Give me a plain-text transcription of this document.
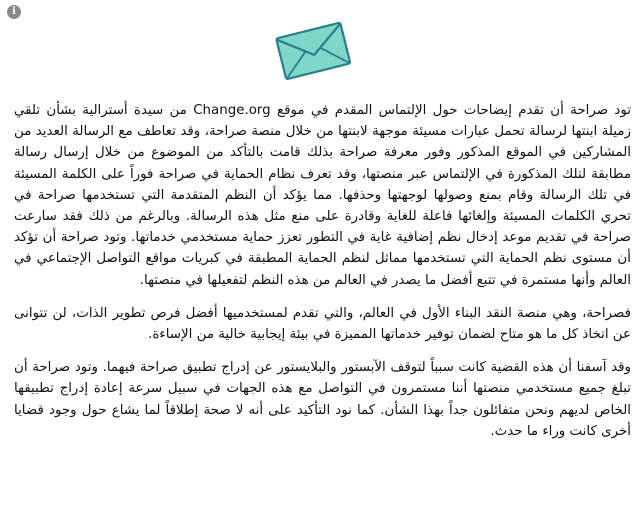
i

تود صراحة أن تقدم إيضاحات حول الإلتماس المقدم في موقع Change.org من سيدة أسترالية بشأن تلقي زميلة ابنتها لرسالة تحمل عبارات مسيئة موجهة لابنتها من خلال منصة صراحة، وقد تعاطف مع الرسالة العديد من المشاركين في الموقع المذكور وفور معرفة صراحة بذلك قامت بالتأكد من الموضوع من خلال إرسال رسالة مطابقة لتلك المذكورة في الإلتماس عبر منصتها، وقد تعرف نظام الحماية في صراحة فوراً على الكلمة المسيئة في تلك الرسالة وقام بمنع وصولها لوجهتها وحذفها. مما يؤكد أن النظم المتقدمة التي تستخدمها صراحة في تحري الكلمات المسيئة وإلغائها فاعلة للغاية وقادرة على منع مثل هذه الرسالة. وبالرغم من ذلك فقد سارعت صراحة في تقديم موعد إدخال نظم إضافية غاية في التطور تعزز حماية مستخدمي خدماتها. وتود صراحة أن تؤكد أن مستوى نظم الحماية التي تستخدمها مماثل لنظم الحماية المطبقة في كبريات مواقع التواصل الإجتماعي في العالم وأنها مستمرة في تتبع أفضل ما يصدر في العالم من هذه النظم لتفعيلها في منصتها.

فصراحة، وهي منصة النقد البناء الأول في العالم، والتي تقدم لمستخدميها أفضل فرص تطوير الذات، لن تتوانى عن اتخاذ كل ما هو متاح لضمان توفير خدماتها المميزة في بيئة إيجابية خالية من الإساءة.

وقد آسفنا أن هذه القضية كانت سبباً لتوقف الآبستور والبلايستور عن إدراج تطبيق صراحة فيهما. وتود صراحة أن تبلغ جميع مستخدمي منصتها أننا مستمرون في التواصل مع هذه الجهات في سبيل سرعة إعادة إدراج تطبيقها الخاص لديهم ونحن متفائلون جداً بهذا الشأن. كما نود التأكيد على أنه لا صحة إطلاقاً لما يشاع حول وجود قضايا أخرى كانت وراء ما حدث.
